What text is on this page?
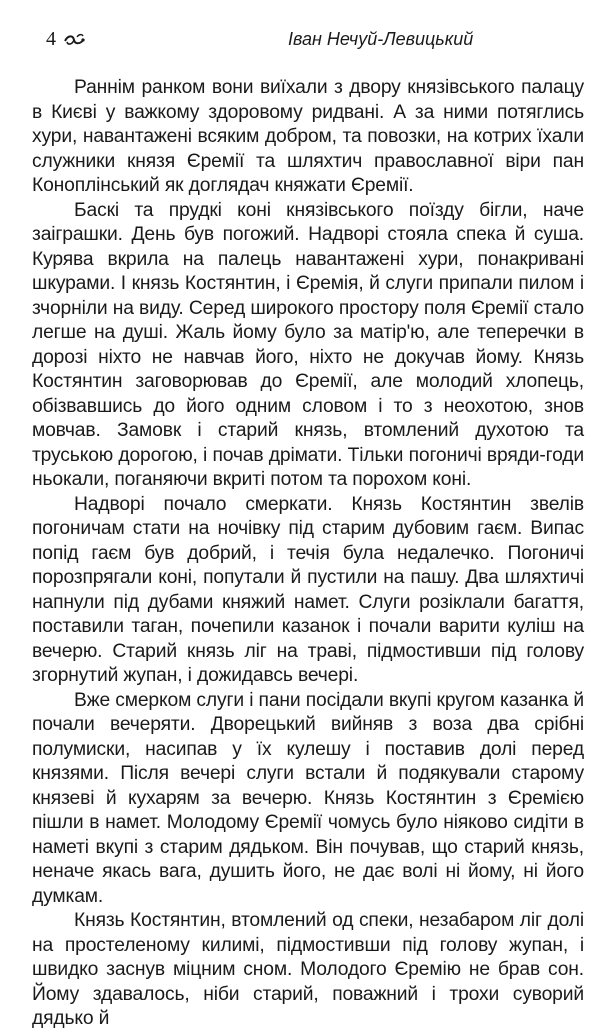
4	Іван Нечуй-Левицький

Раннім ранком вони виїхали з двору князівського палацу в Києві у важкому здоровому ридвані. А за ними потяглись хури, навантажені всяким добром, та повозки, на котрих їхали служники князя Єремії та шляхтич православної віри пан Конопл​інський як доглядач княжати Єремії.

Баскі та прудкі коні князівського поїзду бігли, наче заіграшки. День був погожий. Надворі стояла спека й суша. Курява вкрила на палець навантажені хури, понакривані шкурами. І князь Костянтин, і Єремія, й слуги припали пилом і зчорніли на виду. Серед широкого простору поля Єремії стало легше на душі. Жаль йому було за матір'ю, але теперечки в дорозі ніхто не навчав його, ніхто не докучав йому. Князь Костянтин заговорював до Єремії, але молодий хлопець, обізвавшись до його одним словом і то з неохотою, знов мовчав. Замовк і старий князь, втомлений духотою та труською дорогою, і почав дрімати. Тільки погоничі вряди-годи ньокали, поганяючи вкриті потом та порохом коні.

Надворі почало смеркати. Князь Костянтин звелів погоничам стати на ночівку під старим дубовим гаєм. Випас попід гаєм був добрий, і течія була недалечко. Погоничі порозпрягали коні, попутали й пустили на пашу. Два шляхтичі напнули під дубами княжий намет. Слуги розіклали багаття, поставили таган, почепили казанок і почали варити куліш на вечерю. Старий князь ліг на траві, підмостивши під голову згорнутий жупан, і дожидавсь вечері.

Вже смерком слуги і пани посідали вкупі кругом казанка й почали вечеряти. Дворецький вийняв з воза два срібні полумиски, насипав у їх кулешу і поставив долі перед князями. Після вечері слуги встали й подякували старому князеві й кухарям за вечерю. Князь Костянтин з Єремією пішли в намет. Молодому Єремії чомусь було ніяково сидіти в наметі вкупі з старим дядьком. Він почував, що старий князь, неначе якась вага, душить його, не дає волі ні йому, ні його думкам.

Князь Костянтин, втомлений од спеки, незабаром ліг долі на простеленому килимі, підмостивши під голову жупан, і швидко заснув міцним сном. Молодого Єремію не брав сон. Йому здавалось, ніби старий, поважний і трохи суворий дядько й
